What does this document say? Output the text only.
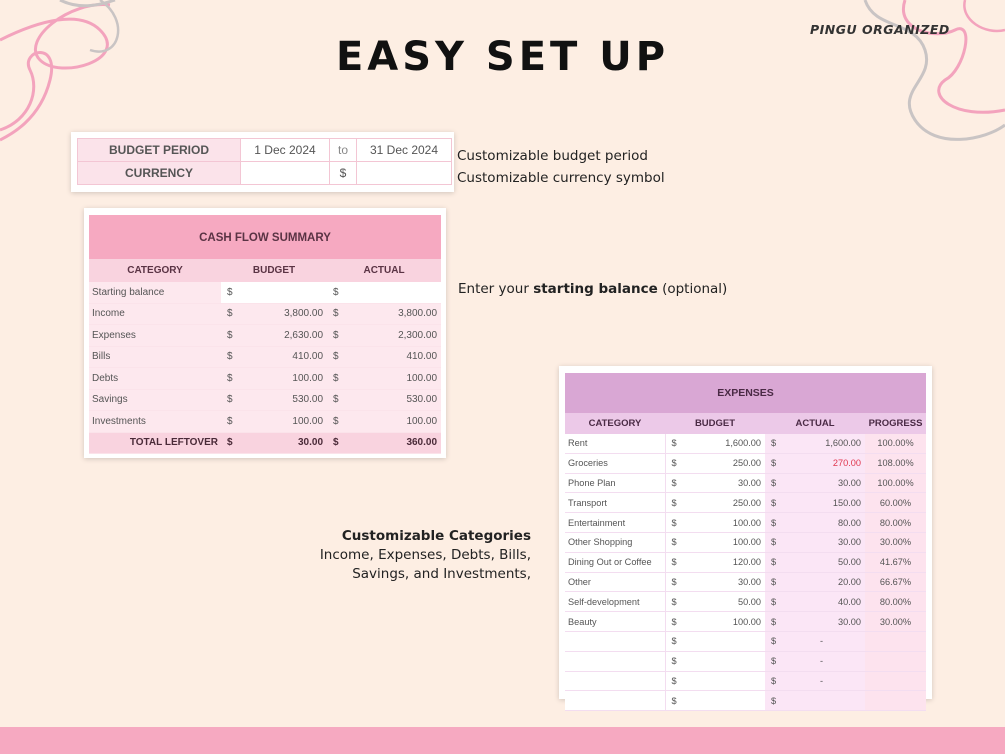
PINGU ORGANIZED
EASY SET UP
BUDGET PERIOD	1 Dec 2024	to	31 Dec 2024
CURRENCY		$	
Customizable budget period
Customizable currency symbol
CASH FLOW SUMMARY
CATEGORY	BUDGET		ACTUAL	
Starting balance	$		$	
Income	$	3,800.00	$	3,800.00
Expenses	$	2,630.00	$	2,300.00
Bills	$	410.00	$	410.00
Debts	$	100.00	$	100.00
Savings	$	530.00	$	530.00
Investments	$	100.00	$	100.00
TOTAL LEFTOVER	$	30.00	$	360.00
Enter your starting balance (optional)
EXPENSES
CATEGORY	BUDGET		ACTUAL		PROGRESS
Rent	$	1,600.00	$	1,600.00	100.00%
Groceries	$	250.00	$	270.00	108.00%
Phone Plan	$	30.00	$	30.00	100.00%
Transport	$	250.00	$	150.00	60.00%
Entertainment	$	100.00	$	80.00	80.00%
Other Shopping	$	100.00	$	30.00	30.00%
Dining Out or Coffee	$	120.00	$	50.00	41.67%
Other	$	30.00	$	20.00	66.67%
Self-development	$	50.00	$	40.00	80.00%
Beauty	$	100.00	$	30.00	30.00%
	$		$	-	
	$		$	-	
	$		$	-	
	$		$		
Customizable Categories
Income, Expenses, Debts, Bills,
Savings, and Investments,
